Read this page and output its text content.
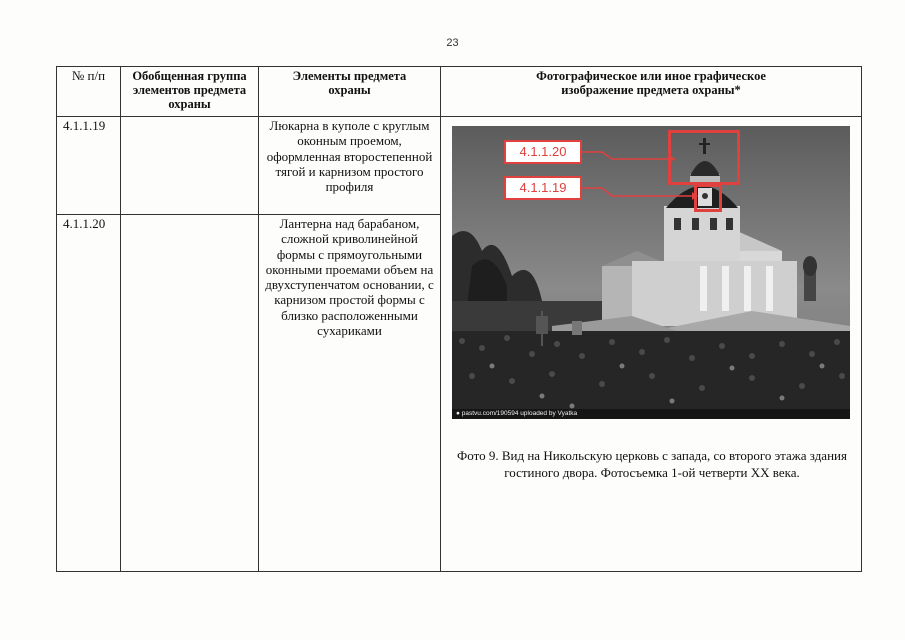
23
№ п/п	Обобщенная группа элементов предмета охраны	Элементы предмета охраны	Фотографическое или иное графическое изображение предмета охраны*

4.1.1.19		Люкарна в куполе с круглым оконным проемом, оформленная второстепенной тягой и карнизом простого профиля	4.1.1.20
4.1.1.19
● pastvu.com/190594 uploaded by Vyatka
Фото 9. Вид на Никольскую церковь с запада, со второго этажа здания гостиного двора. Фотосъемка 1-ой четверти XX века.

4.1.1.20		Лантерна над барабаном, сложной криволинейной формы с прямоугольными оконными проемами объем на двухступенчатом основании, с карнизом простой формы с близко расположенными сухариками	
